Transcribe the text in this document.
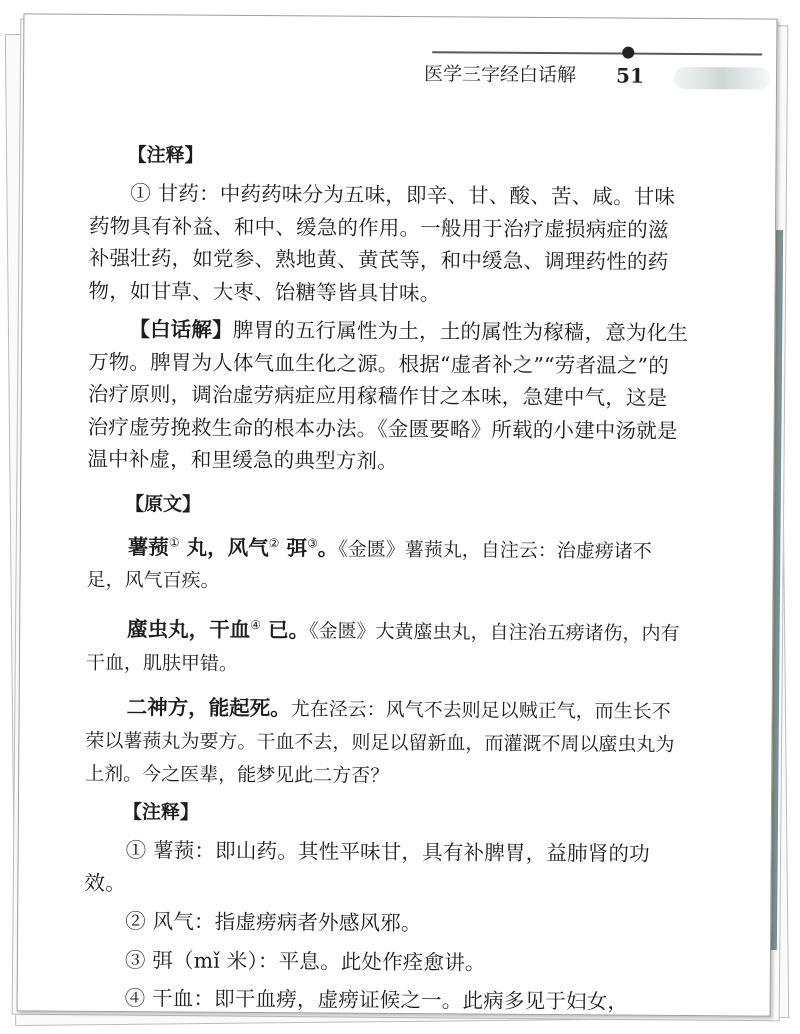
医学三字经白话解 51

【注释】

① 甘药：中药药味分为五味，即辛、甘、酸、苦、咸。甘味药物具有补益、和中、缓急的作用。一般用于治疗虚损病症的滋补强壮药，如党参、熟地黄、黄芪等，和中缓急、调理药性的药物，如甘草、大枣、饴糖等皆具甘味。

【白话解】脾胃的五行属性为土，土的属性为稼穑，意为化生万物。脾胃为人体气血生化之源。根据“虚者补之”“劳者温之”的治疗原则，调治虚劳病症应用稼穑作甘之本味，急建中气，这是治疗虚劳挽救生命的根本办法。《金匮要略》所载的小建中汤就是温中补虚，和里缓急的典型方剂。

【原文】

薯蓣① 丸，风气② 弭③。《金匮》薯蓣丸，自注云：治虚痨诸不足，风气百疾。

䗪虫丸，干血④ 已。《金匮》大黄䗪虫丸，自注治五痨诸伤，内有干血，肌肤甲错。

二神方，能起死。尤在泾云：风气不去则足以贼正气，而生长不荣以薯蓣丸为要方。干血不去，则足以留新血，而灌溉不周以䗪虫丸为上剂。今之医辈，能梦见此二方否？

【注释】

① 薯蓣：即山药。其性平味甘，具有补脾胃，益肺肾的功效。

② 风气：指虚痨病者外感风邪。

③ 弭（mǐ 米）：平息。此处作痊愈讲。

④ 干血：即干血痨，虚痨证候之一。此病多见于妇女，
